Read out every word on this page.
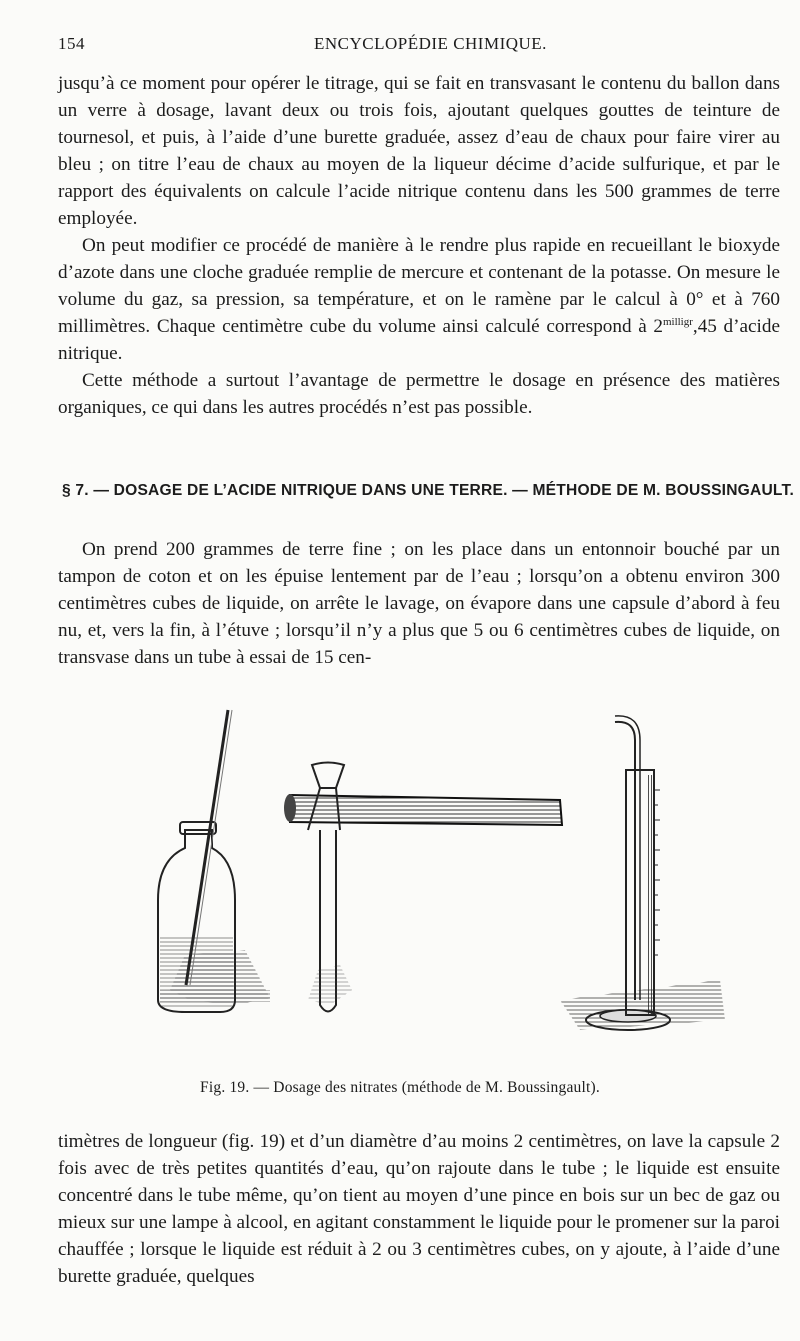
154	ENCYCLOPÉDIE CHIMIQUE.

jusqu’à ce moment pour opérer le titrage, qui se fait en transvasant le contenu du ballon dans un verre à dosage, lavant deux ou trois fois, ajoutant quelques gouttes de teinture de tournesol, et puis, à l’aide d’une burette graduée, assez d’eau de chaux pour faire virer au bleu ; on titre l’eau de chaux au moyen de la liqueur décime d’acide sulfurique, et par le rapport des équivalents on calcule l’acide nitrique contenu dans les 500 grammes de terre employée.

On peut modifier ce procédé de manière à le rendre plus rapide en recueillant le bioxyde d’azote dans une cloche graduée remplie de mercure et contenant de la potasse. On mesure le volume du gaz, sa pression, sa température, et on le ramène par le calcul à 0° et à 760 millimètres. Chaque centimètre cube du volume ainsi calculé correspond à $2^{milligr},45$ d’acide nitrique.

Cette méthode a surtout l’avantage de permettre le dosage en présence des matières organiques, ce qui dans les autres procédés n’est pas possible.

§ 7. — DOSAGE DE L’ACIDE NITRIQUE DANS UNE TERRE. — MÉTHODE DE M. BOUSSINGAULT.

On prend 200 grammes de terre fine ; on les place dans un entonnoir bouché par un tampon de coton et on les épuise lentement par de l’eau ; lorsqu’on a obtenu environ 300 centimètres cubes de liquide, on arrête le lavage, on évapore dans une capsule d’abord à feu nu, et, vers la fin, à l’étuve ; lorsqu’il n’y a plus que 5 ou 6 centimètres cubes de liquide, on transvase dans un tube à essai de 15 cen-

Fig. 19. — Dosage des nitrates (méthode de M. Boussingault).

timètres de longueur (fig. 19) et d’un diamètre d’au moins 2 centimètres, on lave la capsule 2 fois avec de très petites quantités d’eau, qu’on rajoute dans le tube ; le liquide est ensuite concentré dans le tube même, qu’on tient au moyen d’une pince en bois sur un bec de gaz ou mieux sur une lampe à alcool, en agitant constamment le liquide pour le promener sur la paroi chauffée ; lorsque le liquide est réduit à 2 ou 3 centimètres cubes, on y ajoute, à l’aide d’une burette graduée, quelques
